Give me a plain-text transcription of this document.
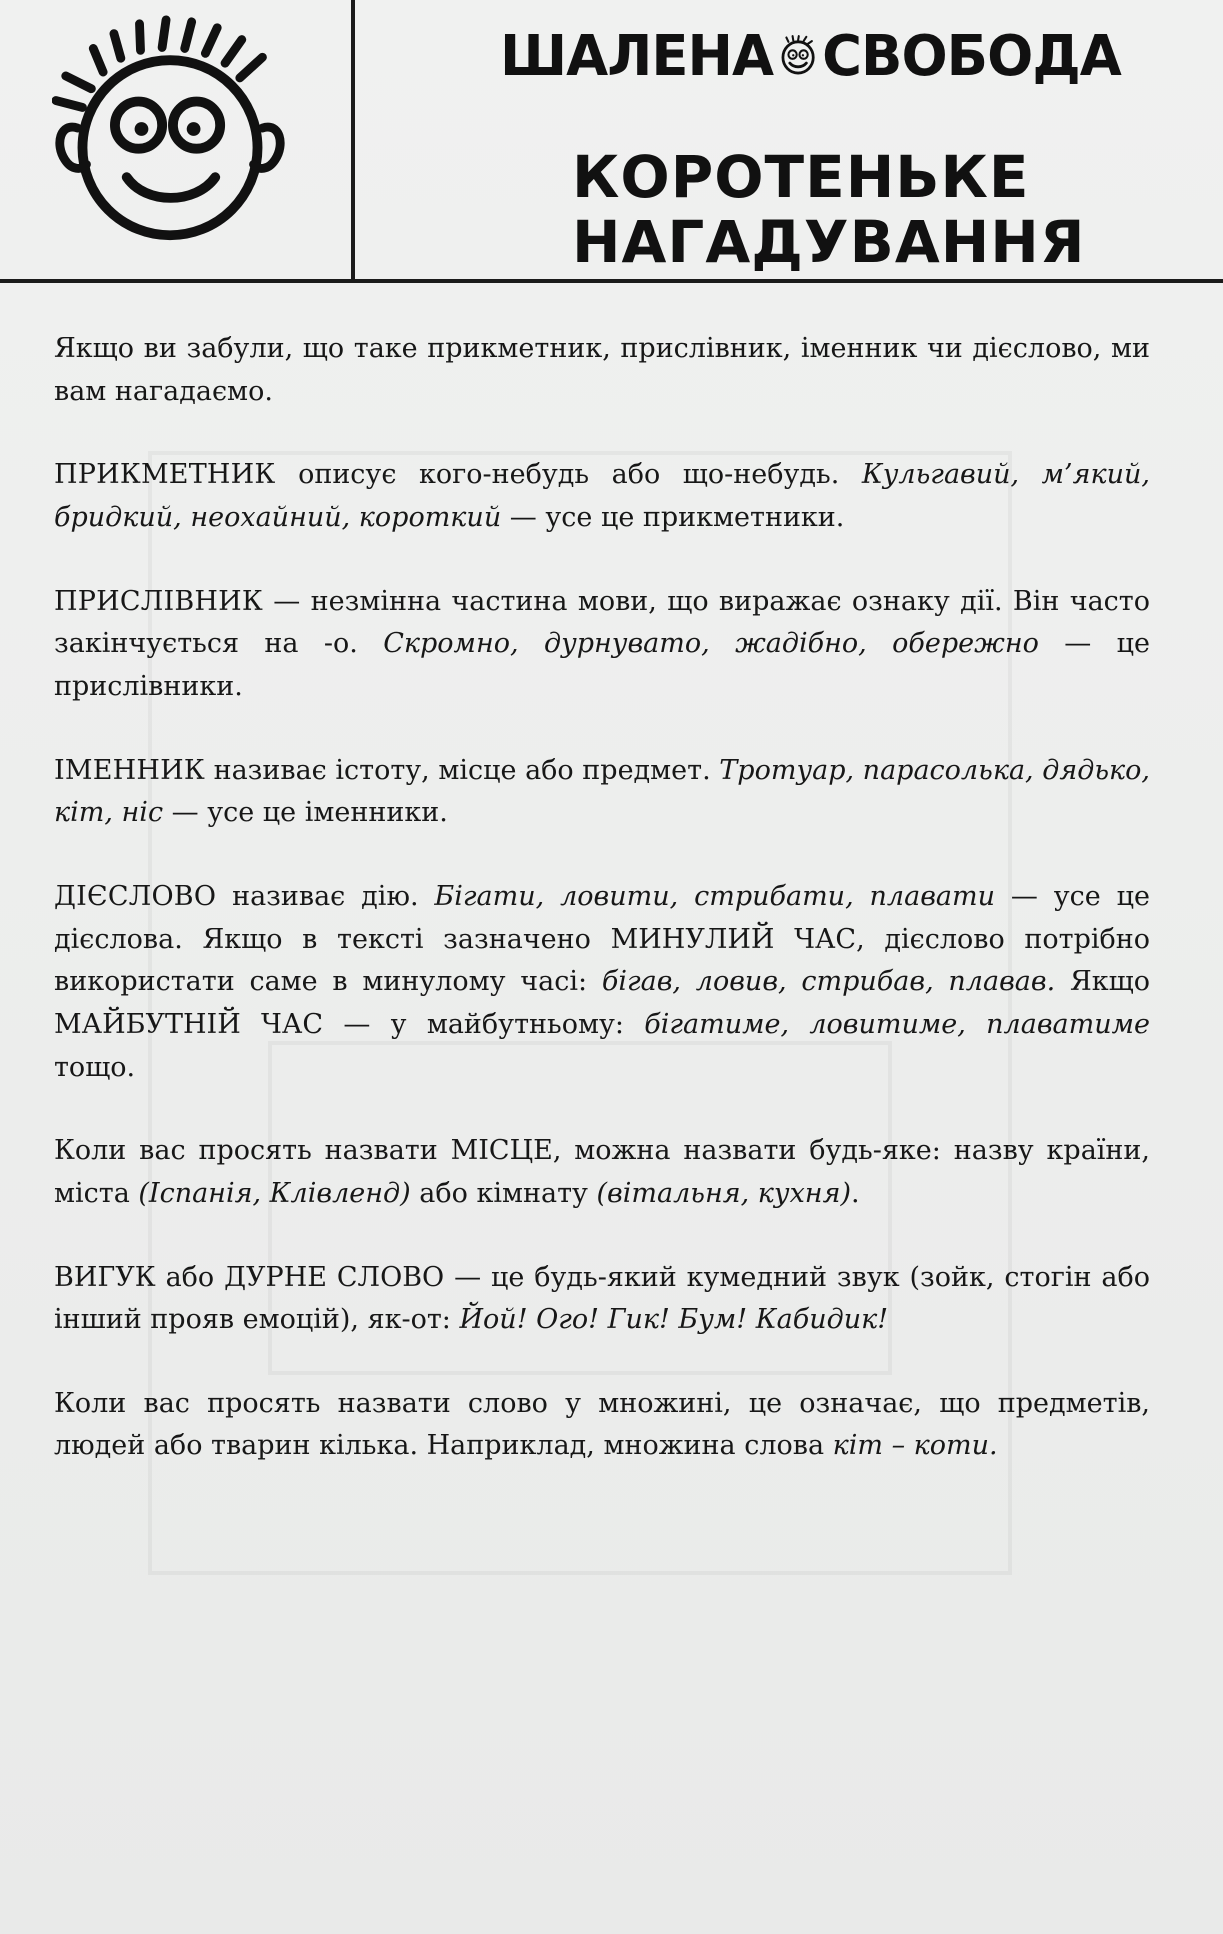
ШАЛЕНА СВОБОДА
КОРОТЕНЬКЕ
НАГАДУВАННЯ

Якщо ви забули, що таке прикметник, прислівник, іменник чи дієслово, ми вам нагадаємо.

ПРИКМЕТНИК описує кого-небудь або що-небудь. Кульгавий, м’який, бридкий, неохайний, короткий — усе це прикметники.

ПРИСЛІВНИК — незмінна частина мови, що виражає ознаку дії. Він часто закінчується на -о. Скромно, дурнувато, жадібно, обережно — це прислівники.

ІМЕННИК називає істоту, місце або предмет. Тротуар, парасолька, дядько, кіт, ніс — усе це іменники.

ДІЄСЛОВО називає дію. Бігати, ловити, стрибати, плавати — усе це дієслова. Якщо в тексті зазначено МИНУЛИЙ ЧАС, дієслово потрібно використати саме в минулому часі: бігав, ловив, стрибав, плавав. Якщо МАЙБУТНІЙ ЧАС — у майбутньому: бігатиме, ловитиме, плаватиме тощо.

Коли вас просять назвати МІСЦЕ, можна назвати будь-яке: назву країни, міста (Іспанія, Клівленд) або кімнату (вітальня, кухня).

ВИГУК або ДУРНЕ СЛОВО — це будь-який кумедний звук (зойк, стогін або інший прояв емоцій), як-от: Йой! Ого! Гик! Бум! Кабидик!

Коли вас просять назвати слово у множині, це означає, що предметів, людей або тварин кілька. Наприклад, множина слова кіт – коти.
